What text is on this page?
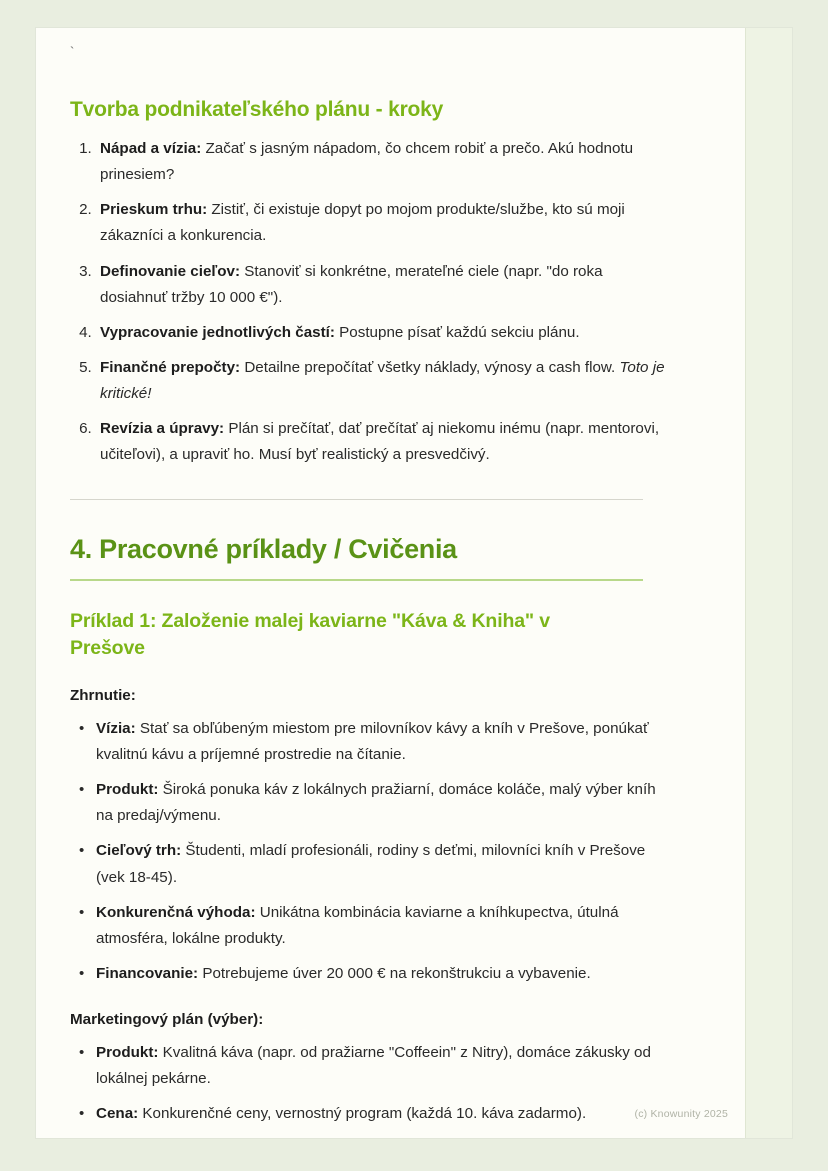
`
Tvorba podnikateľského plánu - kroky
1. Nápad a vízia: Začať s jasným nápadom, čo chcem robiť a prečo. Akú hodnotu prinesiem?
2. Prieskum trhu: Zistiť, či existuje dopyt po mojom produkte/službe, kto sú moji zákazníci a konkurencia.
3. Definovanie cieľov: Stanoviť si konkrétne, merateľné ciele (napr. "do roka dosiahnuť tržby 10 000 €").
4. Vypracovanie jednotlivých častí: Postupne písať každú sekciu plánu.
5. Finančné prepočty: Detailne prepočítať všetky náklady, výnosy a cash flow. Toto je kritické!
6. Revízia a úpravy: Plán si prečítať, dať prečítať aj niekomu inému (napr. mentorovi, učiteľovi), a upraviť ho. Musí byť realistický a presvedčivý.
4. Pracovné príklady / Cvičenia
Príklad 1: Založenie malej kaviarne "Káva & Kniha" v Prešove

Zhrnutie:

• Vízia: Stať sa obľúbeným miestom pre milovníkov kávy a kníh v Prešove, ponúkať kvalitnú kávu a príjemné prostredie na čítanie.
• Produkt: Široká ponuka káv z lokálnych pražiarní, domáce koláče, malý výber kníh na predaj/výmenu.
• Cieľový trh: Študenti, mladí profesionáli, rodiny s deťmi, milovníci kníh v Prešove (vek 18-45).
• Konkurenčná výhoda: Unikátna kombinácia kaviarne a kníhkupectva, útulná atmosféra, lokálne produkty.
• Financovanie: Potrebujeme úver 20 000 € na rekonštrukciu a vybavenie.

Marketingový plán (výber):

• Produkt: Kvalitná káva (napr. od pražiarne "Coffeein" z Nitry), domáce zákusky od lokálnej pekárne.
• Cena: Konkurenčné ceny, vernostný program (každá 10. káva zadarmo).	(c) Knowunity 2025
